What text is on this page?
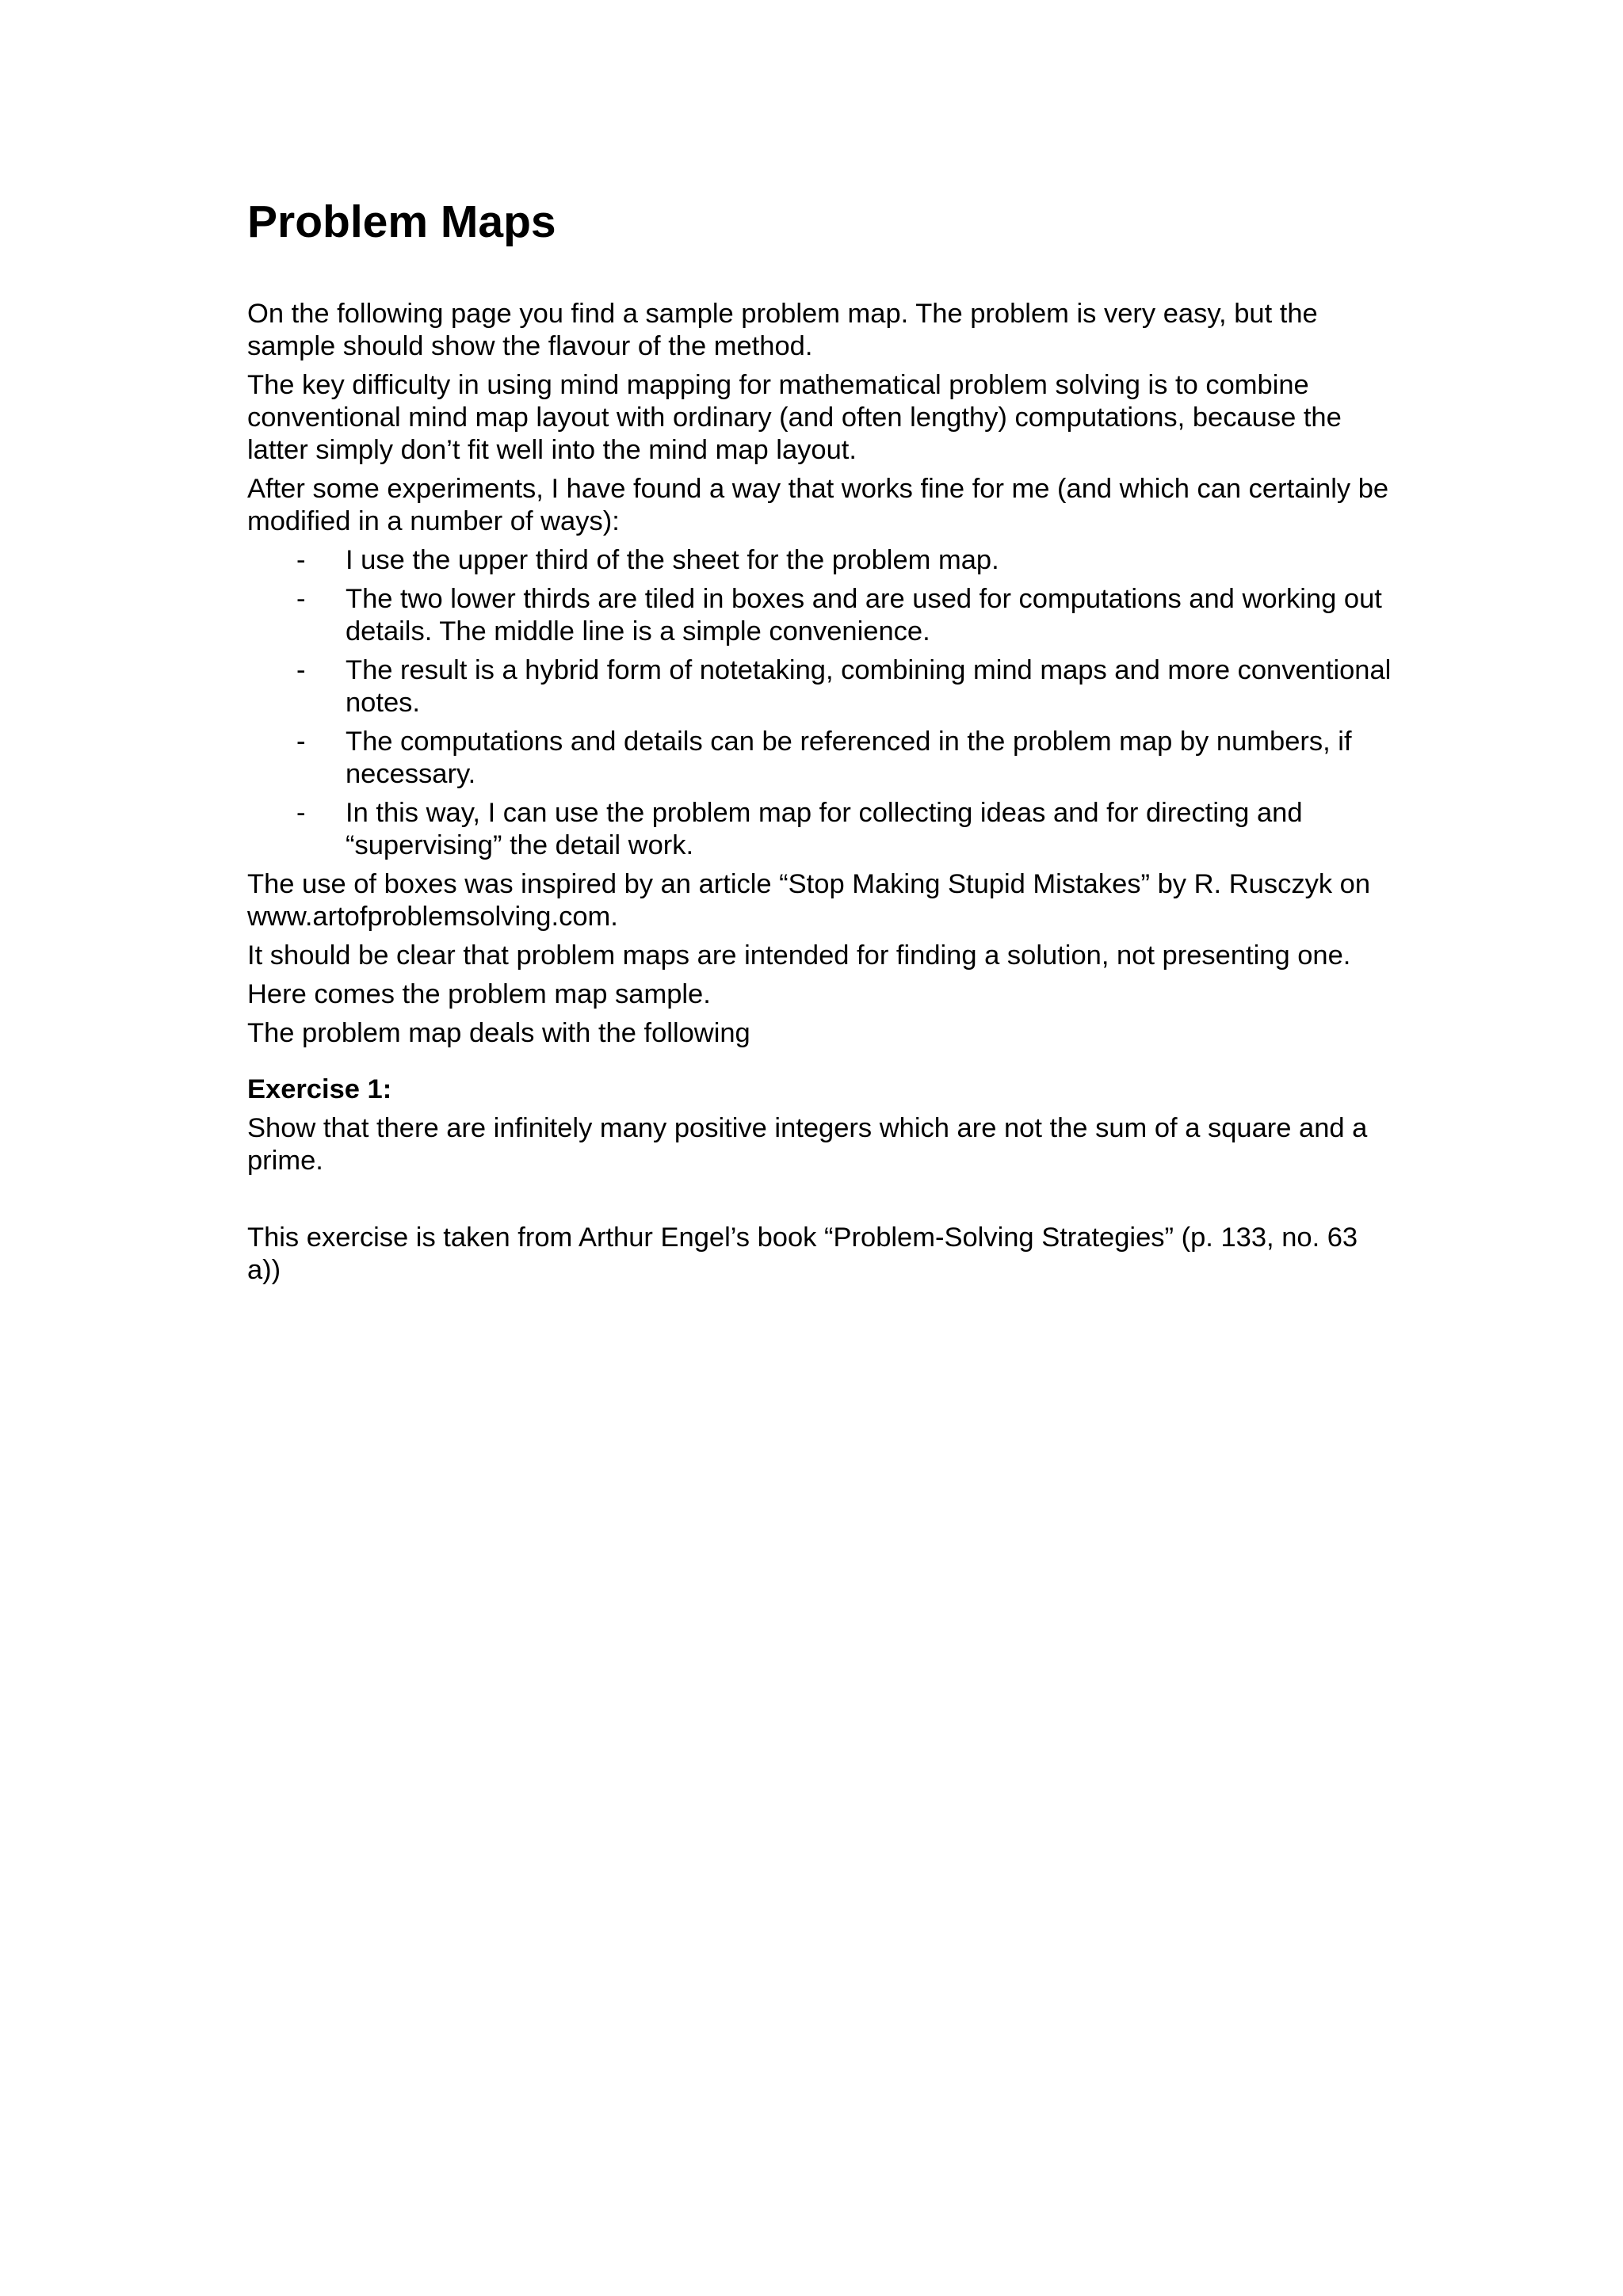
Problem Maps

On the following page you find a sample problem map. The problem is very easy, but the sample should show the flavour of the method.

The key difficulty in using mind mapping for mathematical problem solving is to combine conventional mind map layout with ordinary (and often lengthy) computations, because the latter simply don’t fit well into the mind map layout.

After some experiments, I have found a way that works fine for me (and which can certainly be modified in a number of ways):

- I use the upper third of the sheet for the problem map.
- The two lower thirds are tiled in boxes and are used for computations and working out details. The middle line is a simple convenience.
- The result is a hybrid form of notetaking, combining mind maps and more conventional notes.
- The computations and details can be referenced in the problem map by numbers, if necessary.
- In this way, I can use the problem map for collecting ideas and for directing and “supervising” the detail work.

The use of boxes was inspired by an article “Stop Making Stupid Mistakes” by R. Rusczyk on www.artofproblemsolving.com.

It should be clear that problem maps are intended for finding a solution, not presenting one.

Here comes the problem map sample.

The problem map deals with the following

Exercise 1:

Show that there are infinitely many positive integers which are not the sum of a square and a prime.

This exercise is taken from Arthur Engel’s book “Problem-Solving Strategies” (p. 133, no. 63 a))
